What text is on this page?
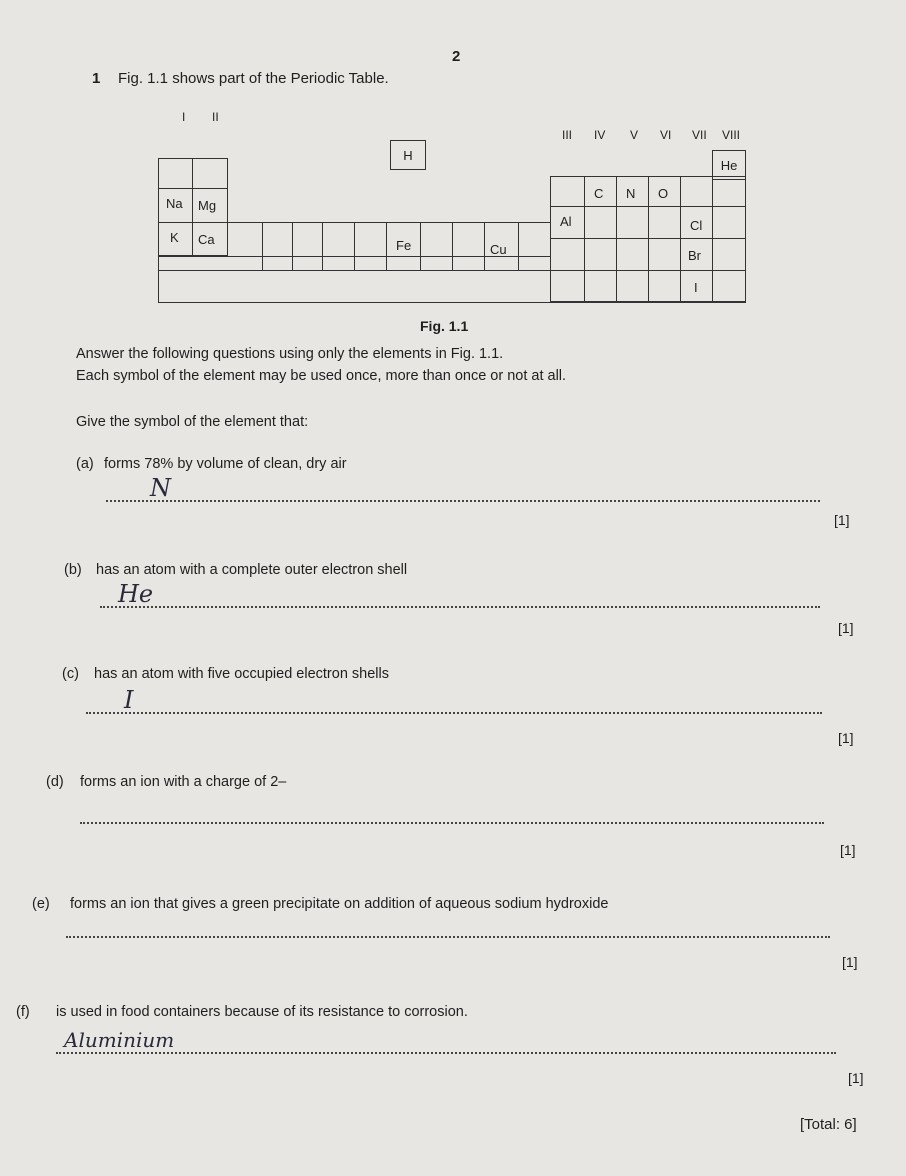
2
1 Fig. 1.1 shows part of the Periodic Table.
I II
III IV V VI VII VIII
H
Na Mg
K Ca	Fe	Cu
He
C N O
Al	Cl
Br
I
Fig. 1.1
Answer the following questions using only the elements in Fig. 1.1.
Each symbol of the element may be used once, more than once or not at all.
Give the symbol of the element that:
(a) forms 78% by volume of clean, dry air
N
[1]
(b) has an atom with a complete outer electron shell
He
[1]
(c) has an atom with five occupied electron shells
I
[1]
(d) forms an ion with a charge of 2–
[1]
(e) forms an ion that gives a green precipitate on addition of aqueous sodium hydroxide
[1]
(f) is used in food containers because of its resistance to corrosion.
Aluminium
[1]
[Total: 6]
